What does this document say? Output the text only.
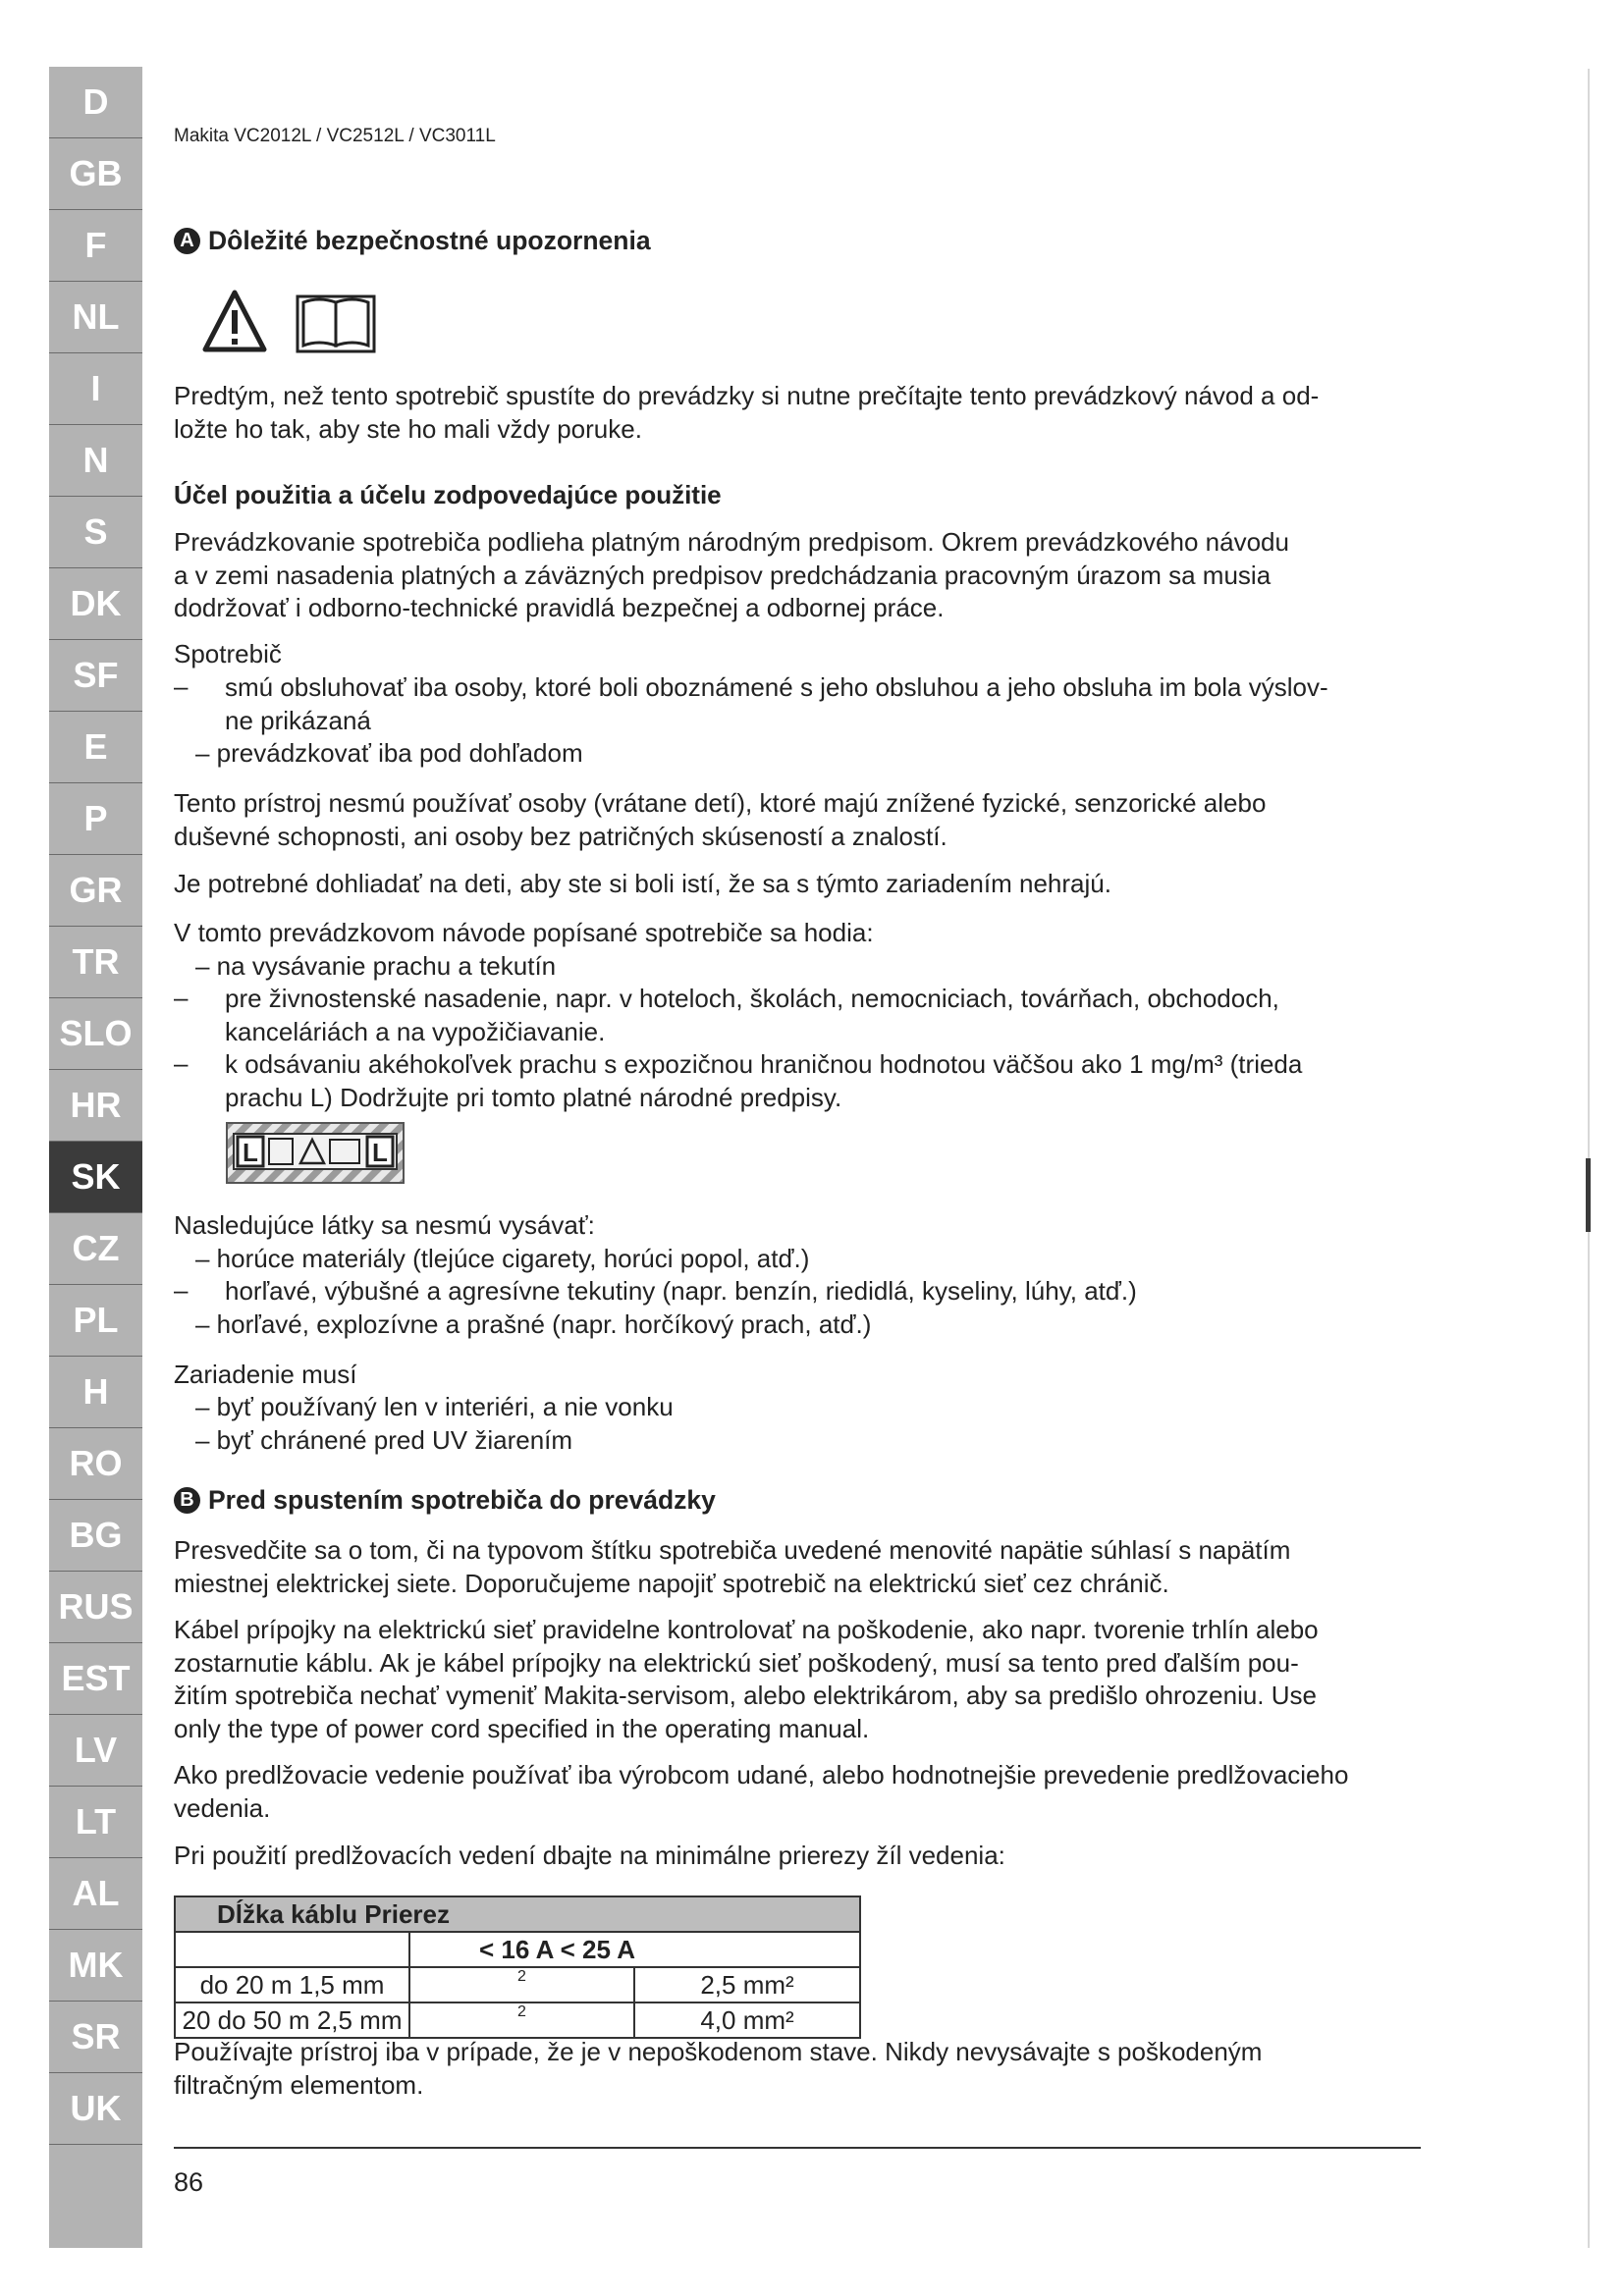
D
GB
F
NL
I
N
S
DK
SF
E
P
GR
TR
SLO
HR
SK
CZ
PL
H
RO
BG
RUS
EST
LV
LT
AL
MK
SR
UK
Makita VC2012L / VC2512L / VC3011L
A Dôležité bezpečnostné upozornenia
Predtým, než tento spotrebič spustíte do prevádzky si nutne prečítajte tento prevádzkový návod a od-
ložte ho tak, aby ste ho mali vždy poruke.
Účel použitia a účelu zodpovedajúce použitie
Prevádzkovanie spotrebiča podlieha platným národným predpisom. Okrem prevádzkového návodu
a v zemi nasadenia platných a záväzných predpisov predchádzania pracovným úrazom sa musia
dodržovať i odborno-technické pravidlá bezpečnej a odbornej práce.
Spotrebič
– smú obsluhovať iba osoby, ktoré boli oboznámené s jeho obsluhou a jeho obsluha im bola výslov-
ne prikázaná
– prevádzkovať iba pod dohľadom
Tento prístroj nesmú používať osoby (vrátane detí), ktoré majú znížené fyzické, senzorické alebo
duševné schopnosti, ani osoby bez patričných skúseností a znalostí.
Je potrebné dohliadať na deti, aby ste si boli istí, že sa s týmto zariadením nehrajú.
V tomto prevádzkovom návode popísané spotrebiče sa hodia:
– na vysávanie prachu a tekutín
– pre živnostenské nasadenie, napr. v hoteloch, školách, nemocniciach, továrňach, obchodoch,
kanceláriách a na vypožičiavanie.
– k odsávaniu akéhokoľvek prachu s expozičnou hraničnou hodnotou väčšou ako 1 mg/m³ (trieda
prachu L) Dodržujte pri tomto platné národné predpisy.
L	L
Nasledujúce látky sa nesmú vysávať:
– horúce materiály (tlejúce cigarety, horúci popol, atď.)
– horľavé, výbušné a agresívne tekutiny (napr. benzín, riedidlá, kyseliny, lúhy, atď.)
– horľavé, explozívne a prašné (napr. horčíkový prach, atď.)
Zariadenie musí
– byť používaný len v interiéri, a nie vonku
– byť chránené pred UV žiarením
B Pred spustením spotrebiča do prevádzky
Presvedčite sa o tom, či na typovom štítku spotrebiča uvedené menovité napätie súhlasí s napätím
miestnej elektrickej siete. Doporučujeme napojiť spotrebič na elektrickú sieť cez chránič.
Kábel prípojky na elektrickú sieť pravidelne kontrolovať na poškodenie, ako napr. tvorenie trhlín alebo
zostarnutie káblu. Ak je kábel prípojky na elektrickú sieť poškodený, musí sa tento pred ďalším pou-
žitím spotrebiča nechať vymeniť Makita-servisom, alebo elektrikárom, aby sa predišlo ohrozeniu. Use
only the type of power cord specified in the operating manual.
Ako predlžovacie vedenie používať iba výrobcom udané, alebo hodnotnejšie prevedenie predlžovacieho
vedenia.
Pri použití predlžovacích vedení dbajte na minimálne prierezy žíl vedenia:
Dĺžka káblu Prierez		
	< 16 A < 25 A	
do 20 m 1,5 mm	2	2,5 mm²
20 do 50 m 2,5 mm	2	4,0 mm²
Používajte prístroj iba v prípade, že je v nepoškodenom stave. Nikdy nevysávajte s poškodeným
filtračným elementom.
86
